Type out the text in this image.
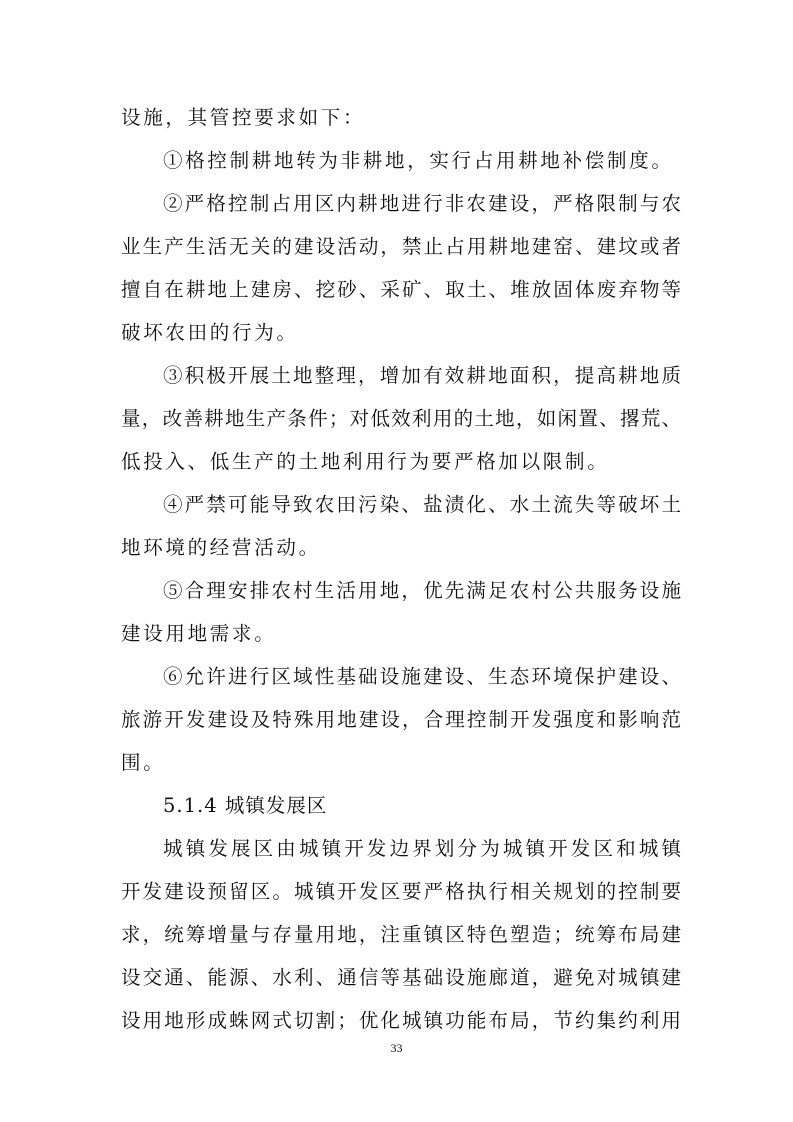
设施，其管控要求如下：
①格控制耕地转为非耕地，实行占用耕地补偿制度。
②严格控制占用区内耕地进行非农建设，严格限制与农
业生产生活无关的建设活动，禁止占用耕地建窑、建坟或者
擅自在耕地上建房、挖砂、采矿、取土、堆放固体废弃物等
破坏农田的行为。
③积极开展土地整理，增加有效耕地面积，提高耕地质
量，改善耕地生产条件；对低效利用的土地，如闲置、撂荒、
低投入、低生产的土地利用行为要严格加以限制。
④严禁可能导致农田污染、盐渍化、水土流失等破坏土
地环境的经营活动。
⑤合理安排农村生活用地，优先满足农村公共服务设施
建设用地需求。
⑥允许进行区域性基础设施建设、生态环境保护建设、
旅游开发建设及特殊用地建设，合理控制开发强度和影响范
围。
5.1.4 城镇发展区
城镇发展区由城镇开发边界划分为城镇开发区和城镇
开发建设预留区。城镇开发区要严格执行相关规划的控制要
求，统筹增量与存量用地，注重镇区特色塑造；统筹布局建
设交通、能源、水利、通信等基础设施廊道，避免对城镇建
设用地形成蛛网式切割；优化城镇功能布局，节约集约利用
33
